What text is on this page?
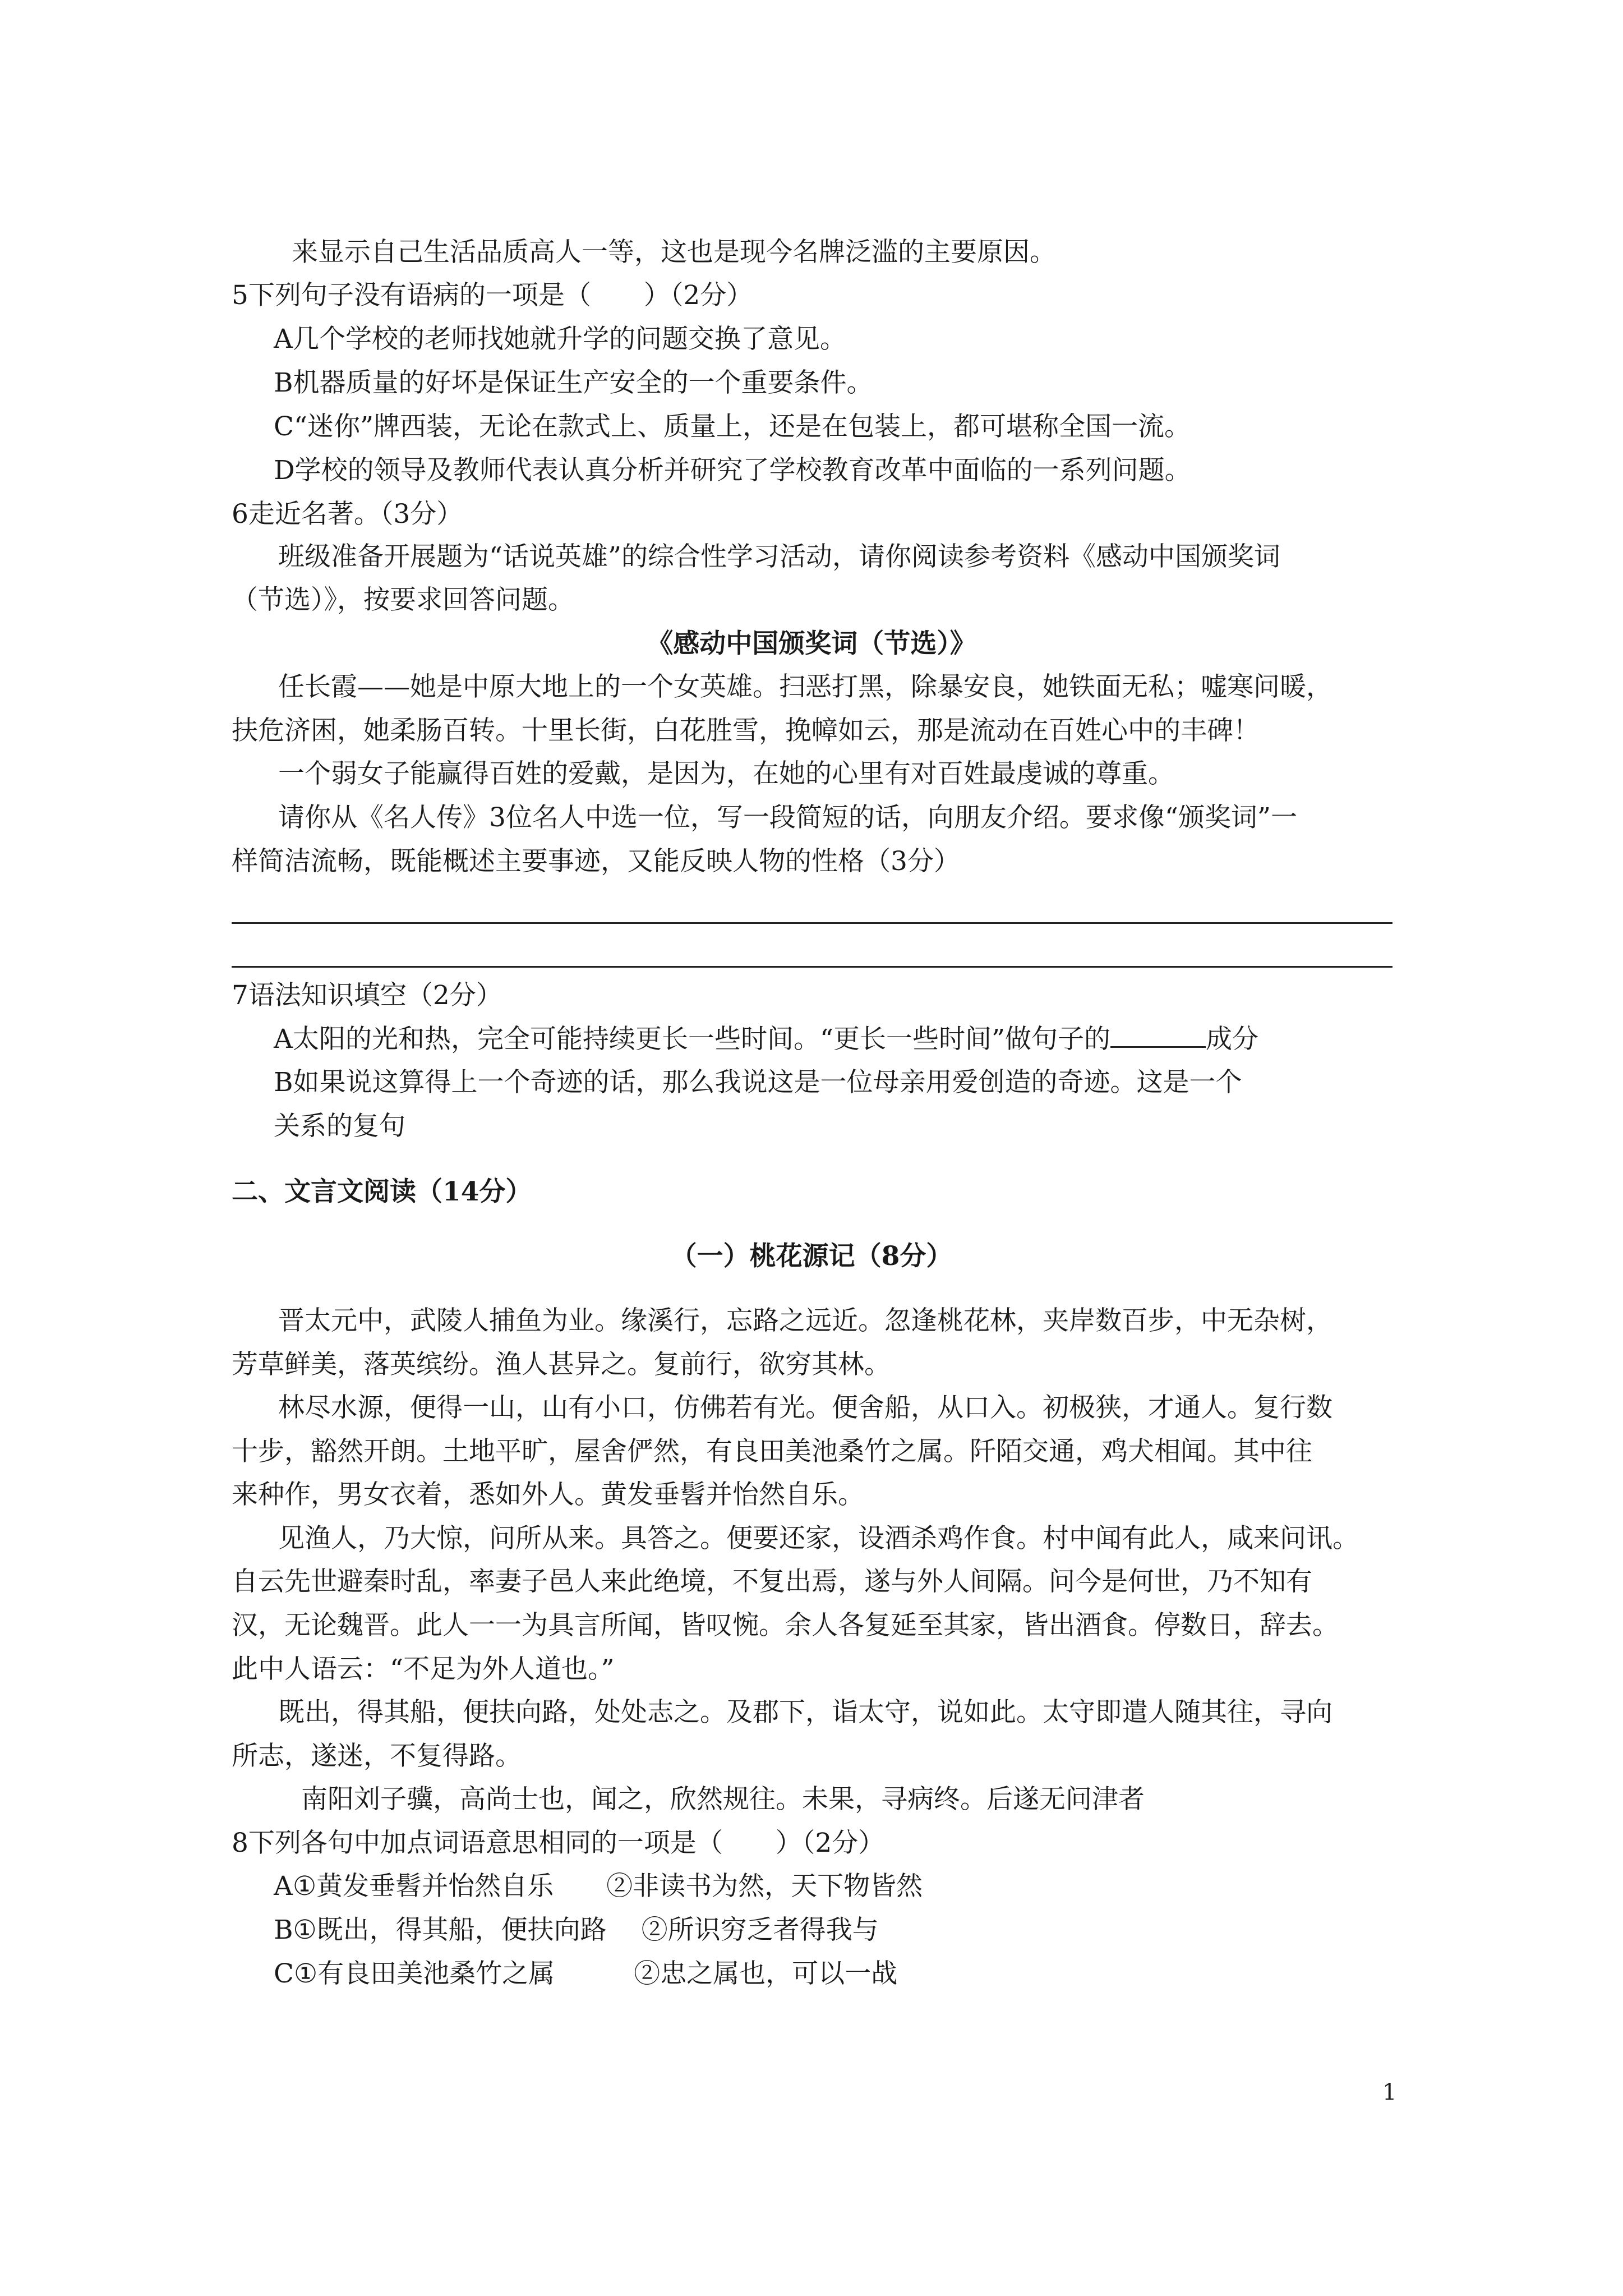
来显示自己生活品质高人一等，这也是现今名牌泛滥的主要原因。
5下列句子没有语病的一项是（　　）（2分）
A几个学校的老师找她就升学的问题交换了意见。
B机器质量的好坏是保证生产安全的一个重要条件。
C“迷你”牌西装，无论在款式上、质量上，还是在包装上，都可堪称全国一流。
D学校的领导及教师代表认真分析并研究了学校教育改革中面临的一系列问题。
6走近名著。（3分）
班级准备开展题为“话说英雄”的综合性学习活动，请你阅读参考资料《感动中国颁奖词
（节选）》，按要求回答问题。
《感动中国颁奖词（节选）》
任长霞——她是中原大地上的一个女英雄。扫恶打黑，除暴安良，她铁面无私；嘘寒问暖，
扶危济困，她柔肠百转。十里长街，白花胜雪，挽幛如云，那是流动在百姓心中的丰碑！
一个弱女子能赢得百姓的爱戴，是因为，在她的心里有对百姓最虔诚的尊重。
请你从《名人传》3位名人中选一位，写一段简短的话，向朋友介绍。要求像“颁奖词”一
样简洁流畅，既能概述主要事迹，又能反映人物的性格（3分）
7语法知识填空（2分）
A太阳的光和热，完全可能持续更长一些时间。“更长一些时间”做句子的	成分
B如果说这算得上一个奇迹的话，那么我说这是一位母亲用爱创造的奇迹。这是一个
关系的复句
二、文言文阅读（14分）
（一）桃花源记（8分）
晋太元中，武陵人捕鱼为业。缘溪行，忘路之远近。忽逢桃花林，夹岸数百步，中无杂树，
芳草鲜美，落英缤纷。渔人甚异之。复前行，欲穷其林。
林尽水源，便得一山，山有小口，仿佛若有光。便舍船，从口入。初极狭，才通人。复行数
十步，豁然开朗。土地平旷，屋舍俨然，有良田美池桑竹之属。阡陌交通，鸡犬相闻。其中往
来种作，男女衣着，悉如外人。黄发垂髫并怡然自乐。
见渔人，乃大惊，问所从来。具答之。便要还家，设酒杀鸡作食。村中闻有此人，咸来问讯。
自云先世避秦时乱，率妻子邑人来此绝境，不复出焉，遂与外人间隔。问今是何世，乃不知有
汉，无论魏晋。此人一一为具言所闻，皆叹惋。余人各复延至其家，皆出酒食。停数日，辞去。
此中人语云：“不足为外人道也。”
既出，得其船，便扶向路，处处志之。及郡下，诣太守，说如此。太守即遣人随其往，寻向
所志，遂迷，不复得路。
南阳刘子骥，高尚士也，闻之，欣然规往。未果，寻病终。后遂无问津者
8下列各句中加点词语意思相同的一项是（　　）（2分）
A①黄发垂髫并怡然自乐　　②非读书为然，天下物皆然
B①既出，得其船，便扶向路　 ②所识穷乏者得我与
C①有良田美池桑竹之属　　　②忠之属也，可以一战
1
